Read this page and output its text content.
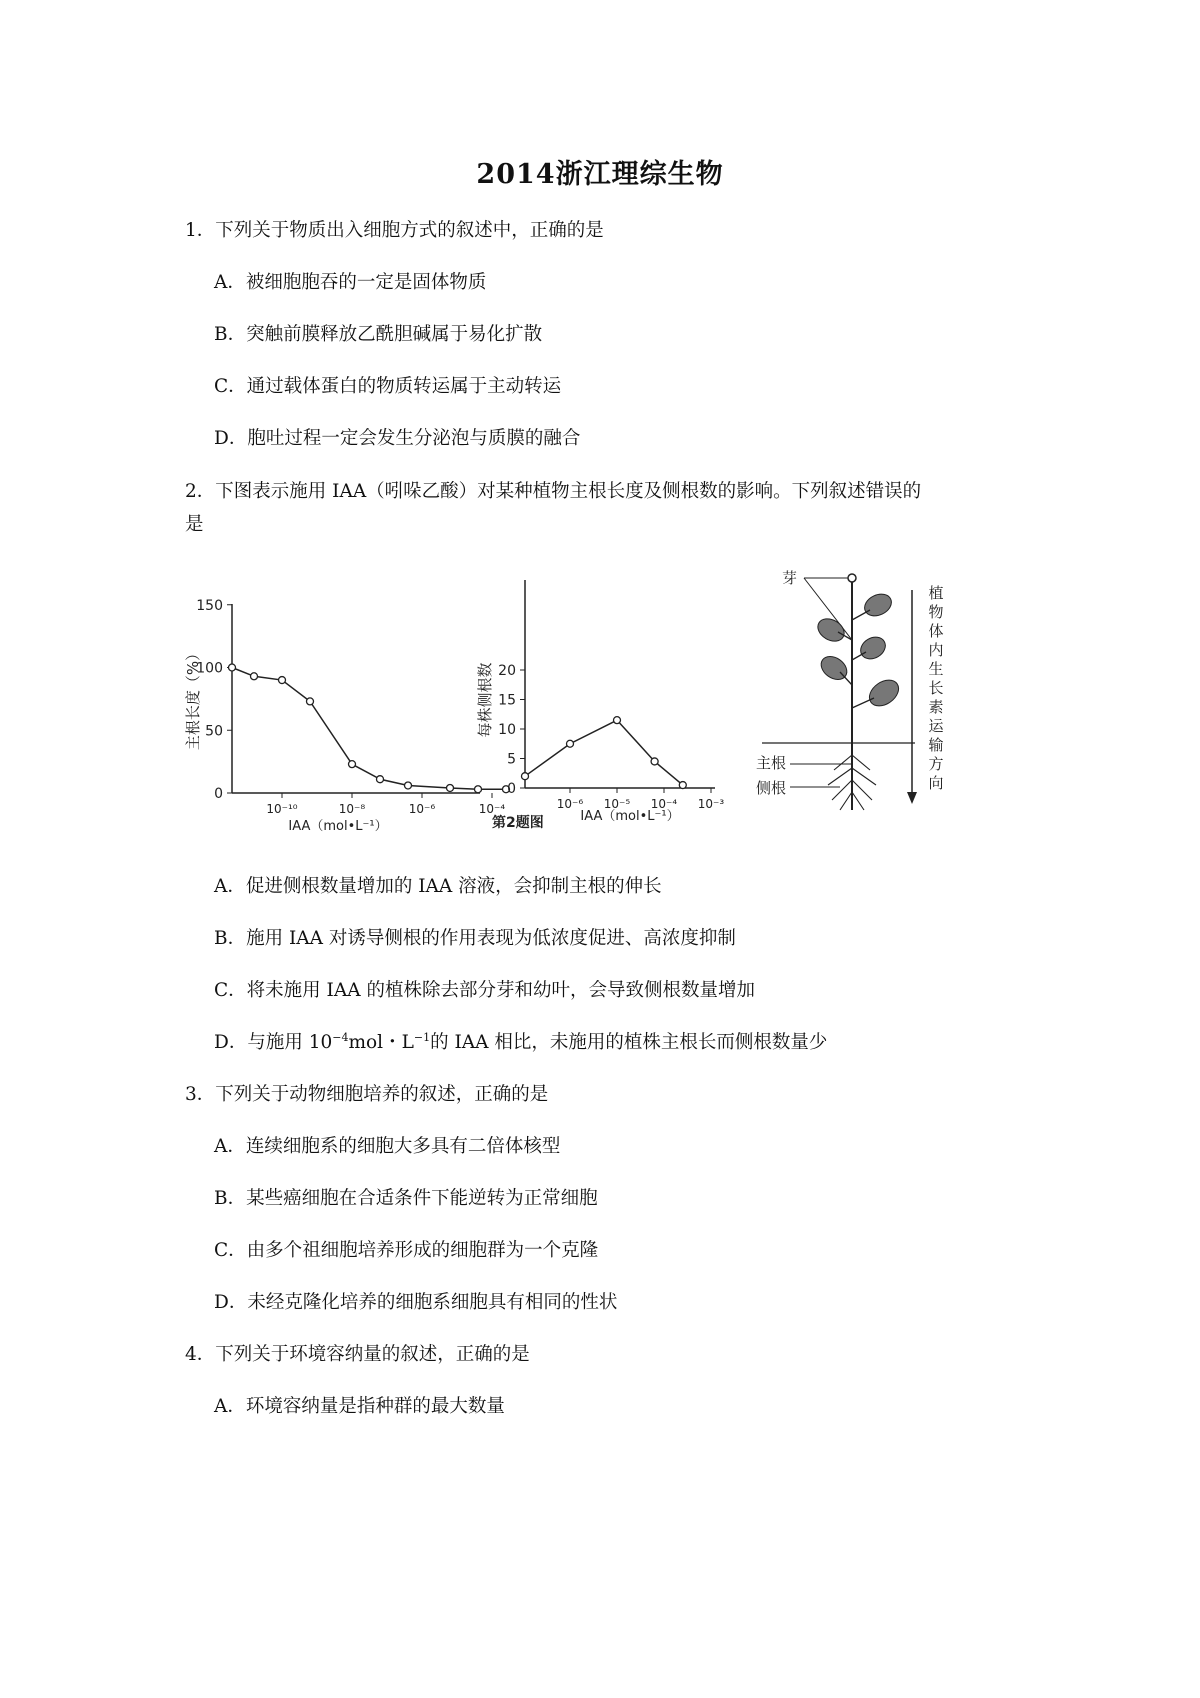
2014浙江理综生物
1．下列关于物质出入细胞方式的叙述中，正确的是
A．被细胞胞吞的一定是固体物质
B．突触前膜释放乙酰胆碱属于易化扩散
C．通过载体蛋白的物质转运属于主动转运
D．胞吐过程一定会发生分泌泡与质膜的融合
2．下图表示施用 IAA（吲哚乙酸）对某种植物主根长度及侧根数的影响。下列叙述错误的
是
0
50
100
150
10⁻¹⁰	10⁻⁸	10⁻⁶	10⁻⁴
主根长度（%）
IAA（mol•L⁻¹）
0
5
10
15
20
10⁻⁶ 10⁻⁵ 10⁻⁴ 10⁻³
每株侧根数
IAA（mol•L⁻¹）
第2题图
芽
主根
侧根
植
物
体
内
生
长
素
运
输
方
向
A．促进侧根数量增加的 IAA 溶液，会抑制主根的伸长
B．施用 IAA 对诱导侧根的作用表现为低浓度促进、高浓度抑制
C．将未施用 IAA 的植株除去部分芽和幼叶，会导致侧根数量增加
D．与施用 $10^{-4}mol$・$L^{-1}$的 IAA 相比，未施用的植株主根长而侧根数量少
3．下列关于动物细胞培养的叙述，正确的是
A．连续细胞系的细胞大多具有二倍体核型
B．某些癌细胞在合适条件下能逆转为正常细胞
C．由多个祖细胞培养形成的细胞群为一个克隆
D．未经克隆化培养的细胞系细胞具有相同的性状
4．下列关于环境容纳量的叙述，正确的是
A．环境容纳量是指种群的最大数量
